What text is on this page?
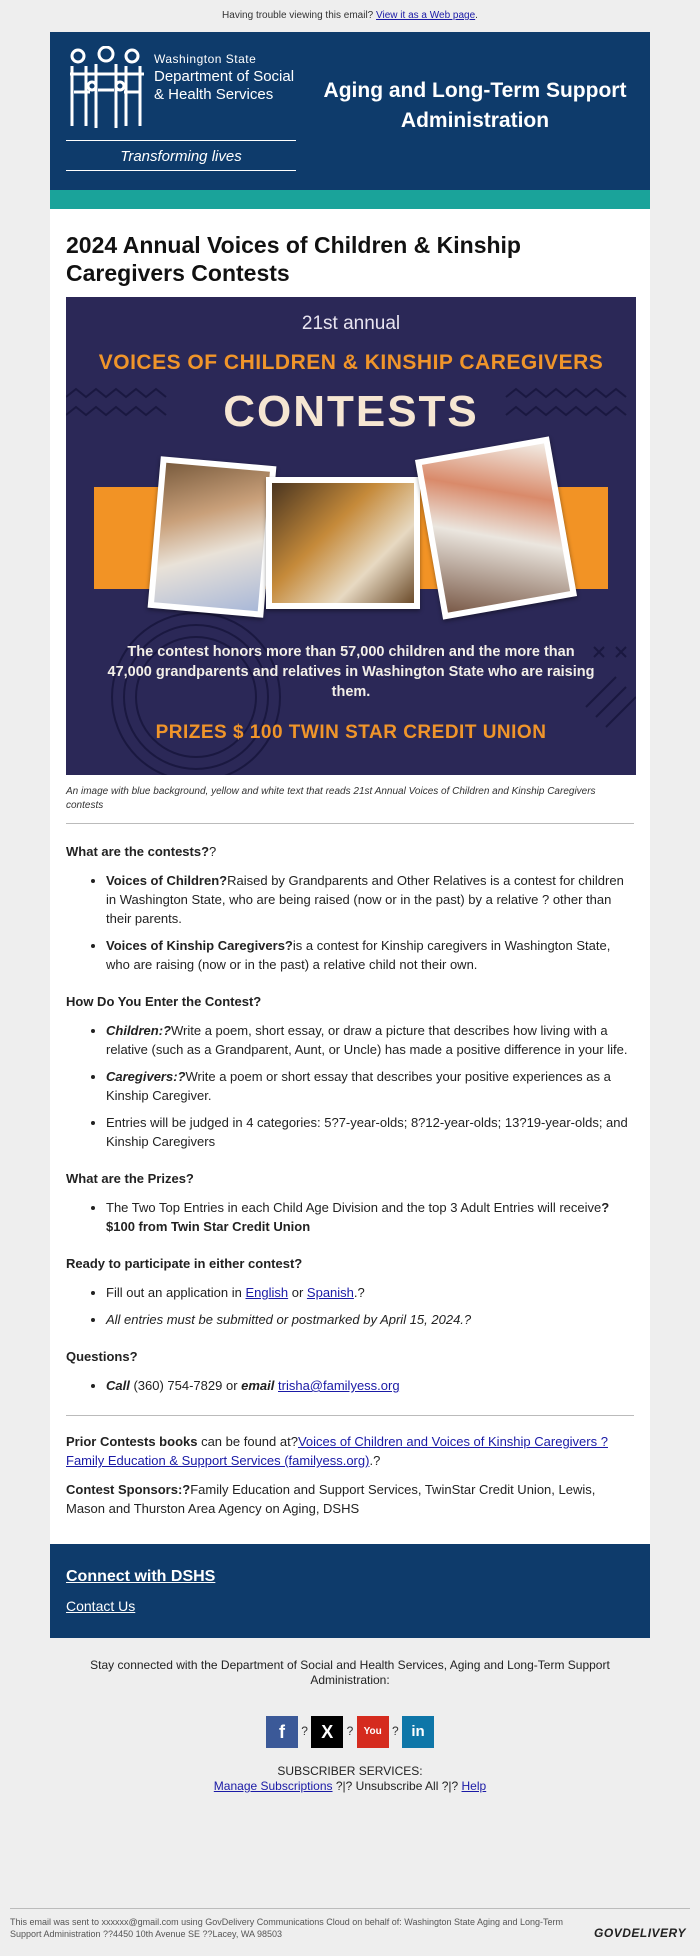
Having trouble viewing this email? View it as a Web page.
Washington State
Department of Social
& Health Services
Transforming lives
Aging and Long-Term Support Administration
2024 Annual Voices of Children & Kinship Caregivers Contests
21st annual
VOICES OF CHILDREN & KINSHIP CAREGIVERS
CONTESTS
The contest honors more than 57,000 children and the more than 47,000 grandparents and relatives in Washington State who are raising them.
PRIZES $ 100 TWIN STAR CREDIT UNION
An image with blue background, yellow and white text that reads 21st Annual Voices of Children and Kinship Caregivers contests
What are the contests??
• Voices of Children?Raised by Grandparents and Other Relatives is a contest for children in Washington State, who are being raised (now or in the past) by a relative ? other than their parents.
• Voices of Kinship Caregivers?is a contest for Kinship caregivers in Washington State, who are raising (now or in the past) a relative child not their own.
How Do You Enter the Contest?
• Children:?Write a poem, short essay, or draw a picture that describes how living with a relative (such as a Grandparent, Aunt, or Uncle) has made a positive difference in your life.
• Caregivers:?Write a poem or short essay that describes your positive experiences as a Kinship Caregiver.
• Entries will be judged in 4 categories: 5?7-year-olds; 8?12-year-olds; 13?19-year-olds; and Kinship Caregivers
What are the Prizes?
• The Two Top Entries in each Child Age Division and the top 3 Adult Entries will receive?$100 from Twin Star Credit Union
Ready to participate in either contest?
• Fill out an application in English or Spanish.?
• All entries must be submitted or postmarked by April 15, 2024.?
Questions?
• Call (360) 754-7829 or email trisha@familyess.org

Prior Contests books can be found at?Voices of Children and Voices of Kinship Caregivers ? Family Education & Support Services (familyess.org).?

Contest Sponsors:?Family Education and Support Services, TwinStar Credit Union, Lewis, Mason and Thurston Area Agency on Aging, DSHS

Connect with DSHS
Contact Us
Stay connected with the Department of Social and Health Services, Aging and Long-Term Support Administration:
f ? X ? You ? in
SUBSCRIBER SERVICES:
Manage Subscriptions ?|? Unsubscribe All ?|? Help
This email was sent to xxxxxx@gmail.com using GovDelivery Communications Cloud on behalf of: Washington State Aging and Long-Term Support Administration ??4450 10th Avenue SE ??Lacey, WA 98503	GOVDELIVERY
